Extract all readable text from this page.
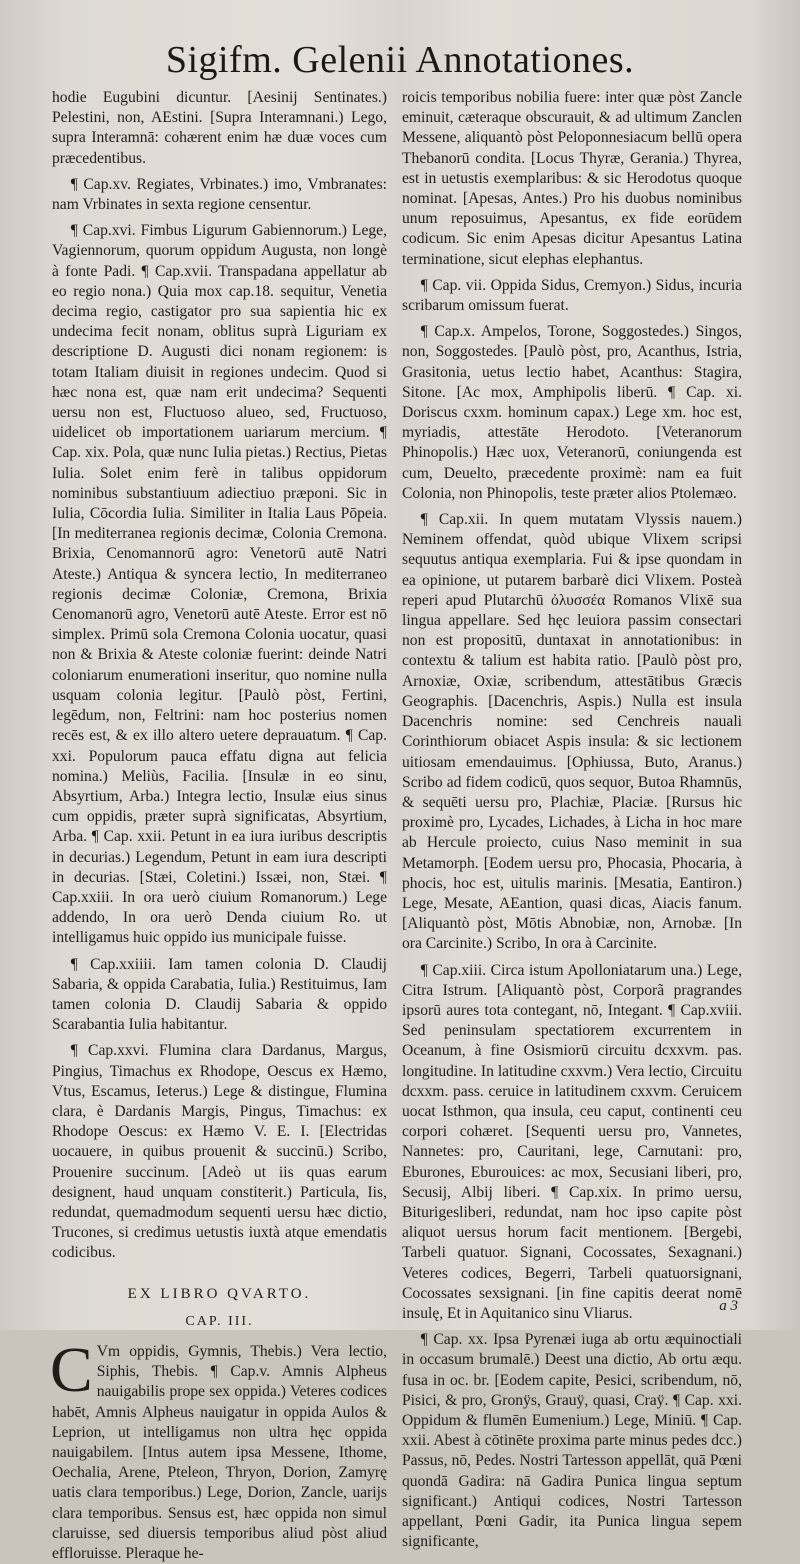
Sigifm. Gelenii Annotationes.

hodie Eugubini dicuntur. [Aesinij Sentinates.) Pelestini, non, AEstini. [Supra Interamnani.) Lego, supra Interamnā: cohærent enim hæ duæ voces cum præcedentibus.

¶ Cap.xv. Regiates, Vrbinates.) imo, Vmbranates: nam Vrbinates in sexta regione censentur.

¶ Cap.xvi. Fimbus Ligurum Gabiennorum.) Lege, Vagiennorum, quorum oppidum Augusta, non longè à fonte Padi. ¶ Cap.xvii. Transpadana appellatur ab eo regio nona.) Quia mox cap.18. sequitur, Venetia decima regio, castigator pro sua sapientia hic ex undecima fecit nonam, oblitus suprà Liguriam ex descriptione D. Augusti dici nonam regionem: is totam Italiam diuisit in regiones undecim. Quod si hæc nona est, quæ nam erit undecima? Sequenti uersu non est, Fluctuoso alueo, sed, Fructuoso, uidelicet ob importationem uariarum mercium. ¶ Cap. xix. Pola, quæ nunc Iulia pietas.) Rectius, Pietas Iulia. Solet enim ferè in talibus oppidorum nominibus substantiuum adiectiuo præponi. Sic in Iulia, Cōcordia Iulia. Similiter in Italia Laus Pōpeia. [In mediterranea regionis decimæ, Colonia Cremona. Brixia, Cenomannorū agro: Venetorū autē Natri Ateste.) Antiqua & syncera lectio, In mediterraneo regionis decimæ Coloniæ, Cremona, Brixia Cenomanorū agro, Venetorū autē Ateste. Error est nō simplex. Primū sola Cremona Colonia uocatur, quasi non & Brixia & Ateste coloniæ fuerint: deinde Natri coloniarum enumerationi inseritur, quo nomine nulla usquam colonia legitur. [Paulò pòst, Fertini, legēdum, non, Feltrini: nam hoc posterius nomen recēs est, & ex illo altero uetere deprauatum. ¶ Cap. xxi. Populorum pauca effatu digna aut felicia nomina.) Meliùs, Facilia. [Insulæ in eo sinu, Absyrtium, Arba.) Integra lectio, Insulæ eius sinus cum oppidis, præter suprà significatas, Absyrtium, Arba. ¶ Cap. xxii. Petunt in ea iura iuribus descriptis in decurias.) Legendum, Petunt in eam iura descripti in decurias. [Stæi, Coletini.) Issæi, non, Stæi. ¶ Cap.xxiii. In ora uerò ciuium Romanorum.) Lege addendo, In ora uerò Denda ciuium Ro. ut intelligamus huic oppido ius municipale fuisse.

¶ Cap.xxiiii. Iam tamen colonia D. Claudij Sabaria, & oppida Carabatia, Iulia.) Restituimus, Iam tamen colonia D. Claudij Sabaria & oppido Scarabantia Iulia habitantur.

¶ Cap.xxvi. Flumina clara Dardanus, Margus, Pingius, Timachus ex Rhodope, Oescus ex Hæmo, Vtus, Escamus, Ieterus.) Lege & distingue, Flumina clara, è Dardanis Margis, Pingus, Timachus: ex Rhodope Oescus: ex Hæmo V. E. I. [Electridas uocauere, in quibus prouenit & succinū.) Scribo, Prouenire succinum. [Adeò ut iis quas earum designent, haud unquam constiterit.) Particula, Iis, redundat, quemadmodum sequenti uersu hæc dictio, Trucones, si credimus uetustis iuxtà atque emendatis codicibus.

EX LIBRO QVARTO.
CAP. III.

C Vm oppidis, Gymnis, Thebis.) Vera lectio, Siphis, Thebis. ¶ Cap.v. Amnis Alpheus nauigabilis prope sex oppida.) Veteres codices habēt, Amnis Alpheus nauigatur in oppida Aulos & Leprion, ut intelligamus non ultra hęc oppida nauigabilem. [Intus autem ipsa Messene, Ithome, Oechalia, Arene, Pteleon, Thryon, Dorion, Zamyrę uatis clara temporibus.) Lege, Dorion, Zancle, uarijs clara temporibus. Sensus est, hæc oppida non simul claruisse, sed diuersis temporibus aliud pòst aliud effloruisse. Pleraque he-

roicis temporibus nobilia fuere: inter quæ pòst Zancle eminuit, cæteraque obscurauit, & ad ultimum Zanclen Messene, aliquantò pòst Peloponnesiacum bellū opera Thebanorū condita. [Locus Thyræ, Gerania.) Thyrea, est in uetustis exemplaribus: & sic Herodotus quoque nominat. [Apesas, Antes.) Pro his duobus nominibus unum reposuimus, Apesantus, ex fide eorūdem codicum. Sic enim Apesas dicitur Apesantus Latina terminatione, sicut elephas elephantus.

¶ Cap. vii. Oppida Sidus, Cremyon.) Sidus, incuria scribarum omissum fuerat.

¶ Cap.x. Ampelos, Torone, Soggostedes.) Singos, non, Soggostedes. [Paulò pòst, pro, Acanthus, Istria, Grasitonia, uetus lectio habet, Acanthus: Stagira, Sitone. [Ac mox, Amphipolis liberū. ¶ Cap. xi. Doriscus cxxm. hominum capax.) Lege xm. hoc est, myriadis, attestāte Herodoto. [Veteranorum Phinopolis.) Hæc uox, Veteranorū, coniungenda est cum, Deuelto, præcedente proximè: nam ea fuit Colonia, non Phinopolis, teste præter alios Ptolemæo.

¶ Cap.xii. In quem mutatam Vlyssis nauem.) Neminem offendat, quòd ubique Vlixem scripsi sequutus antiqua exemplaria. Fui & ipse quondam in ea opinione, ut putarem barbarè dici Vlixem. Posteà reperi apud Plutarchū ὀλυσσέα Romanos Vlixē sua lingua appellare. Sed hęc leuiora passim consectari non est propositū, duntaxat in annotationibus: in contextu & talium est habita ratio. [Paulò pòst pro, Arnoxiæ, Oxiæ, scribendum, attestātibus Græcis Geographis. [Dacenchris, Aspis.) Nulla est insula Dacenchris nomine: sed Cenchreis nauali Corinthiorum obiacet Aspis insula: & sic lectionem uitiosam emendauimus. [Ophiussa, Buto, Aranus.) Scribo ad fidem codicū, quos sequor, Butoa Rhamnūs, & sequēti uersu pro, Plachiæ, Placiæ. [Rursus hic proximè pro, Lycades, Lichades, à Licha in hoc mare ab Hercule proiecto, cuius Naso meminit in sua Metamorph. [Eodem uersu pro, Phocasia, Phocaria, à phocis, hoc est, uitulis marinis. [Mesatia, Eantiron.) Lege, Mesate, AEantion, quasi dicas, Aiacis fanum. [Aliquantò pòst, Mōtis Abnobiæ, non, Arnobæ. [In ora Carcinite.) Scribo, In ora à Carcinite.

¶ Cap.xiii. Circa istum Apolloniatarum una.) Lege, Citra Istrum. [Aliquantò pòst, Corporã pragrandes ipsorū aures tota contegant, nō, Integant. ¶ Cap.xviii. Sed peninsulam spectatiorem excurrentem in Oceanum, à fine Osismiorū circuitu dcxxvm. pas. longitudine. In latitudine cxxvm.) Vera lectio, Circuitu dcxxm. pass. ceruice in latitudinem cxxvm. Ceruicem uocat Isthmon, qua insula, ceu caput, continenti ceu corpori cohæret. [Sequenti uersu pro, Vannetes, Nannetes: pro, Cauritani, lege, Carnutani: pro, Eburones, Eburouices: ac mox, Secusiani liberi, pro, Secusij, Albij liberi. ¶ Cap.xix. In primo uersu, Biturigesliberi, redundat, nam hoc ipso capite pòst aliquot uersus horum facit mentionem. [Bergebi, Tarbeli quatuor. Signani, Cocossates, Sexagnani.) Veteres codices, Begerri, Tarbeli quatuorsignani, Cocossates sexsignani. [in fine capitis deerat nomē insulę, Et in Aquitanico sinu Vliarus.

¶ Cap. xx. Ipsa Pyrenæi iuga ab ortu æquinoctiali in occasum brumalē.) Deest una dictio, Ab ortu æqu. fusa in oc. br. [Eodem capite, Pesici, scribendum, nō, Pisici, & pro, Gronÿs, Grauÿ, quasi, Craÿ. ¶ Cap. xxi. Oppidum & flumēn Eumenium.) Lege, Miniū. ¶ Cap. xxii. Abest à cōtinēte proxima parte minus pedes dcc.) Passus, nō, Pedes. Nostri Tartesson appellāt, quā Pœni quondā Gadira: nā Gadira Punica lingua septum significant.) Antiqui codices, Nostri Tartesson appellant, Pœni Gadir, ita Punica lingua sepem significante,

a 3
